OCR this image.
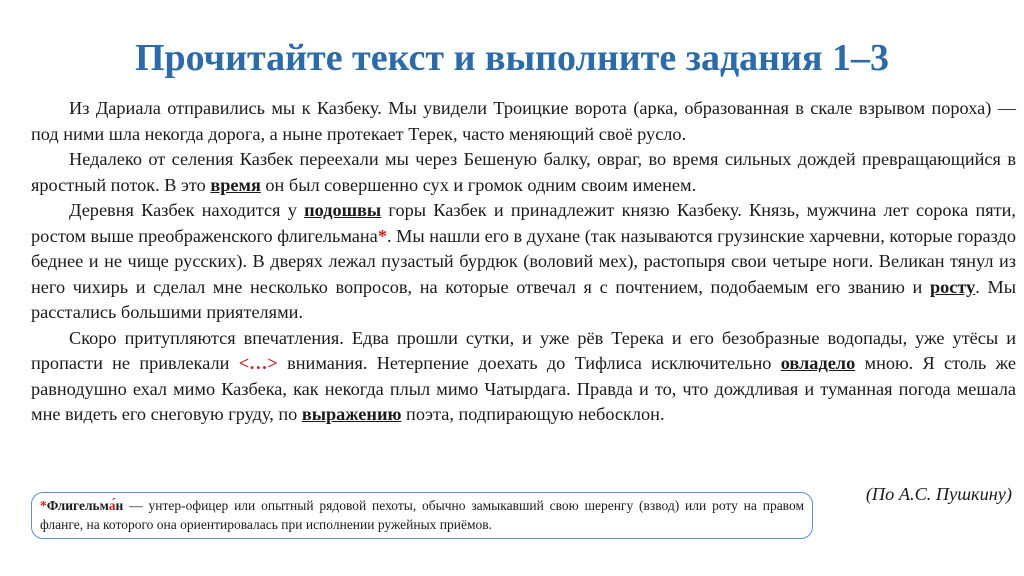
Прочитайте текст и выполните задания 1–3

Из Дариала отправились мы к Казбеку. Мы увидели Троицкие ворота (арка, образованная в скале взрывом пороха) — под ними шла некогда дорога, а ныне протекает Терек, часто меняющий своё русло.

Недалеко от селения Казбек переехали мы через Бешеную балку, овраг, во время сильных дождей превращающийся в яростный поток. В это время он был совершенно сух и громок одним своим именем.

Деревня Казбек находится у подошвы горы Казбек и принадлежит князю Казбеку. Князь, мужчина лет сорока пяти, ростом выше преображенского флигельмана*. Мы нашли его в духане (так называются грузинские харчевни, которые гораздо беднее и не чище русских). В дверях лежал пузастый бурдюк (воловий мех), растопыря свои четыре ноги. Великан тянул из него чихирь и сделал мне несколько вопросов, на которые отвечал я с почтением, подобаемым его званию и росту. Мы расстались большими приятелями.

Скоро притупляются впечатления. Едва прошли сутки, и уже рёв Терека и его безобразные водопады, уже утёсы и пропасти не привлекали <…> внимания. Нетерпение доехать до Тифлиса исключительно овладело мною. Я столь же равнодушно ехал мимо Казбека, как некогда плыл мимо Чатырдага. Правда и то, что дождливая и туманная погода мешала мне видеть его снеговую груду, по выражению поэта, подпирающую небосклон.

(По А.С. Пушкину)
*Флигельма́н — унтер-офицер или опытный рядовой пехоты, обычно замыкавший свою шеренгу (взвод) или роту на правом фланге, на которого она ориентировалась при исполнении ружейных приёмов.
